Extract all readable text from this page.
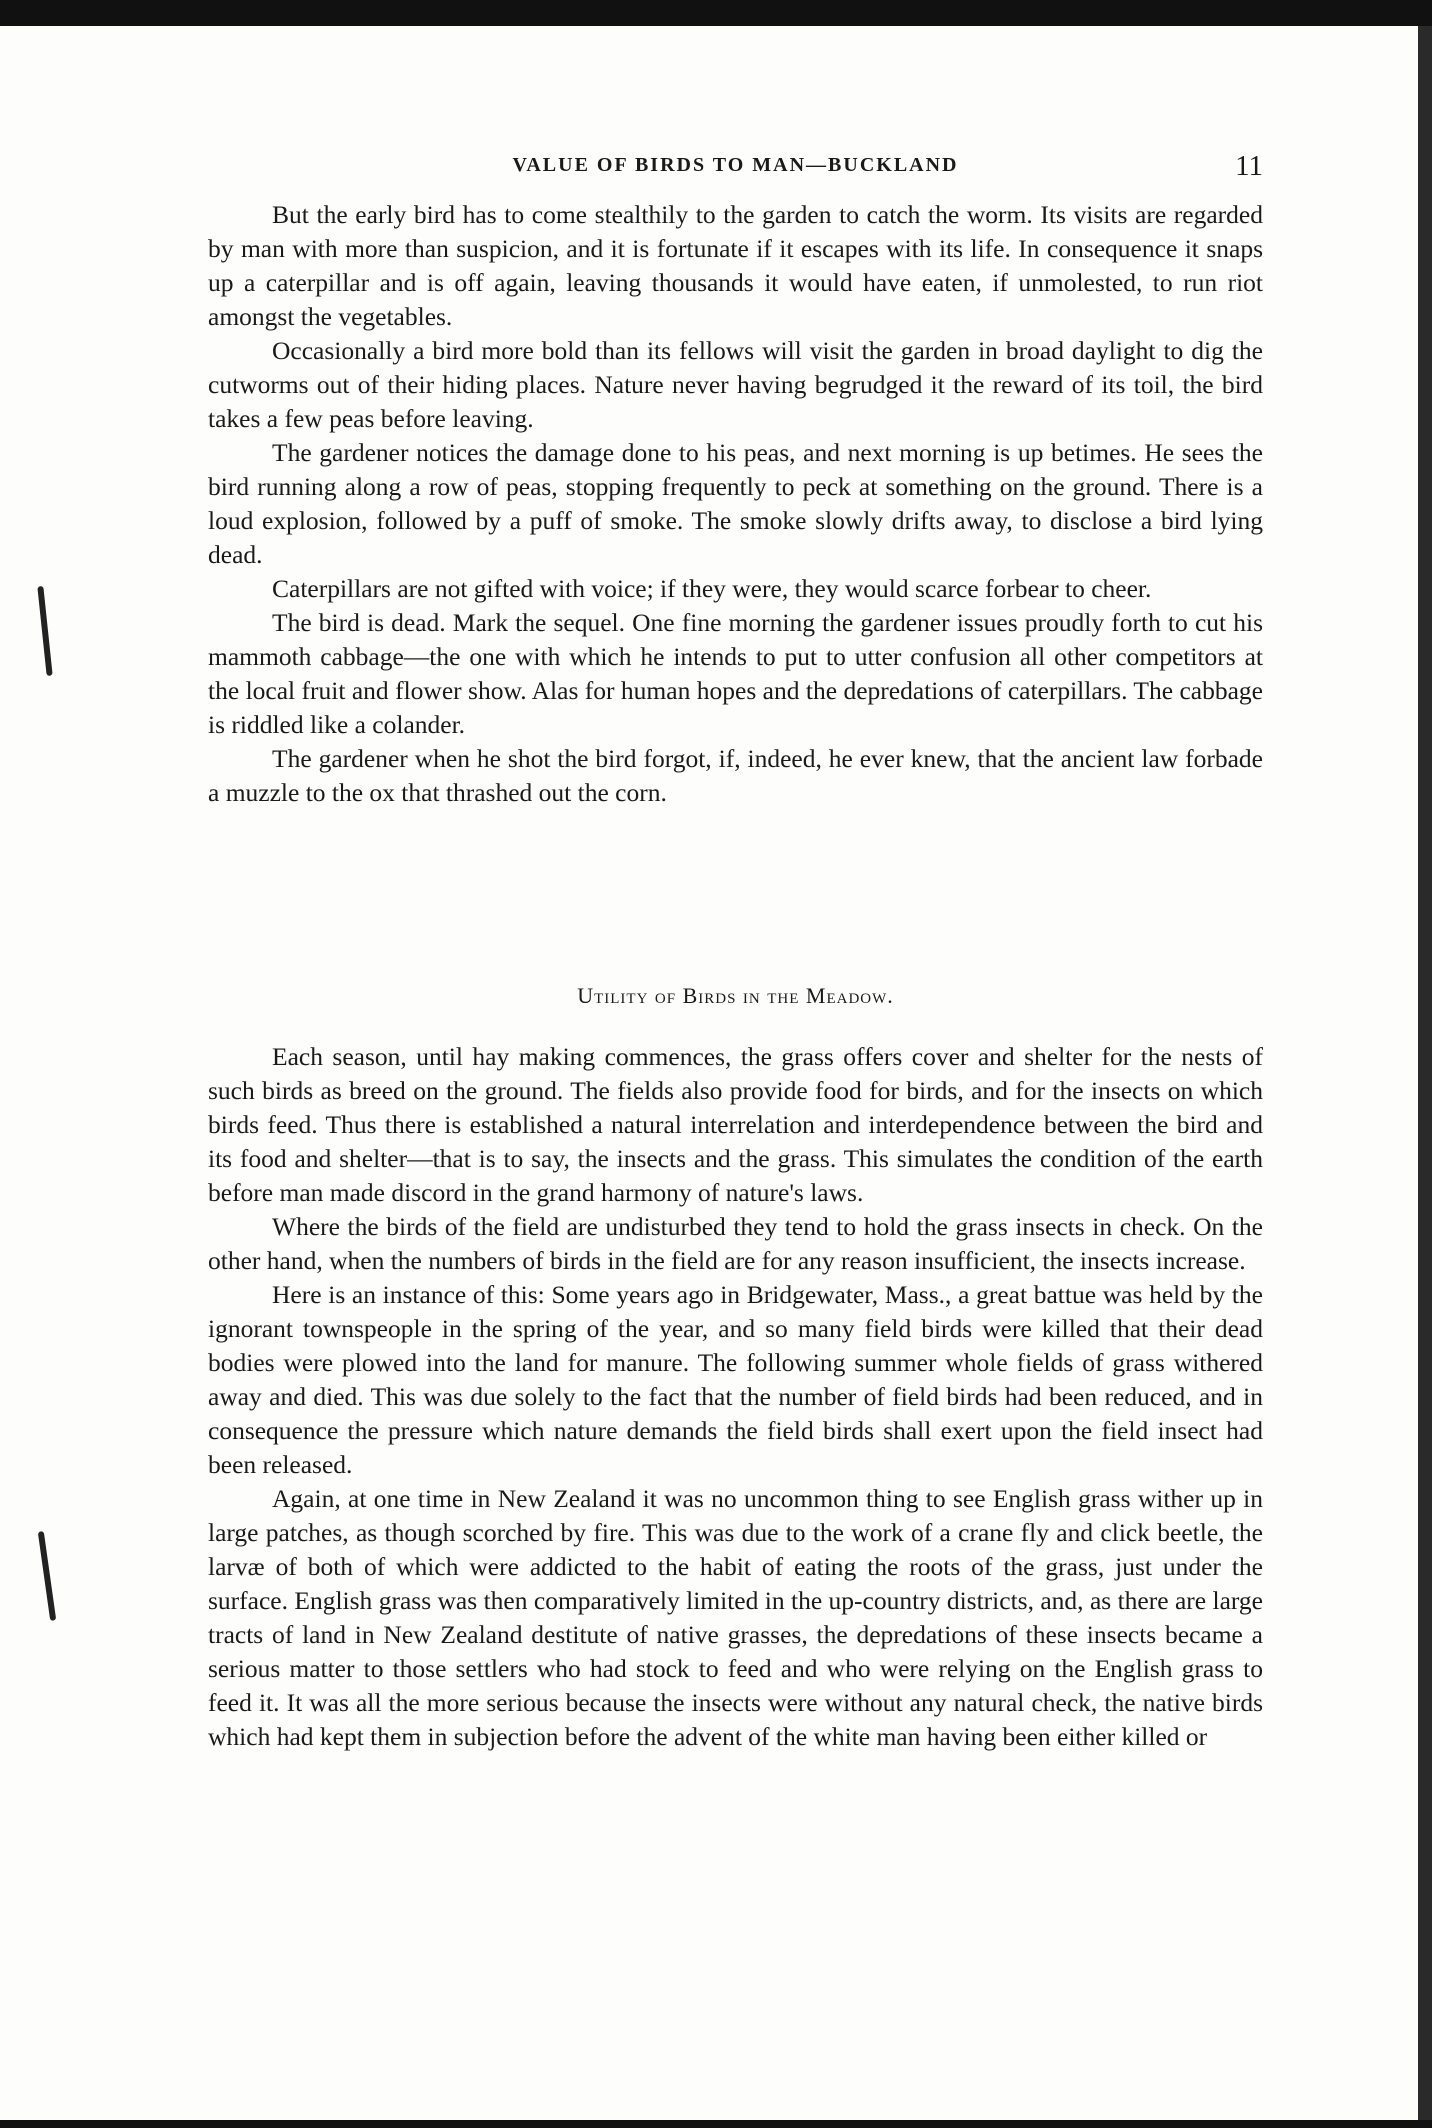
VALUE OF BIRDS TO MAN—BUCKLAND	11

But the early bird has to come stealthily to the garden to catch the worm. Its visits are regarded by man with more than suspicion, and it is fortunate if it escapes with its life. In consequence it snaps up a caterpillar and is off again, leaving thousands it would have eaten, if unmolested, to run riot amongst the vegetables.

Occasionally a bird more bold than its fellows will visit the garden in broad daylight to dig the cutworms out of their hiding places. Nature never having begrudged it the reward of its toil, the bird takes a few peas before leaving.

The gardener notices the damage done to his peas, and next morning is up betimes. He sees the bird running along a row of peas, stopping frequently to peck at something on the ground. There is a loud explosion, followed by a puff of smoke. The smoke slowly drifts away, to disclose a bird lying dead.

Caterpillars are not gifted with voice; if they were, they would scarce forbear to cheer.

The bird is dead. Mark the sequel. One fine morning the gardener issues proudly forth to cut his mammoth cabbage—the one with which he intends to put to utter confusion all other competitors at the local fruit and flower show. Alas for human hopes and the depredations of caterpillars. The cabbage is riddled like a colander.

The gardener when he shot the bird forgot, if, indeed, he ever knew, that the ancient law forbade a muzzle to the ox that thrashed out the corn.

Utility of Birds in the Meadow.

Each season, until hay making commences, the grass offers cover and shelter for the nests of such birds as breed on the ground. The fields also provide food for birds, and for the insects on which birds feed. Thus there is established a natural interrelation and interdependence between the bird and its food and shelter—that is to say, the insects and the grass. This simulates the condition of the earth before man made discord in the grand harmony of nature's laws.

Where the birds of the field are undisturbed they tend to hold the grass insects in check. On the other hand, when the numbers of birds in the field are for any reason insufficient, the insects increase.

Here is an instance of this: Some years ago in Bridgewater, Mass., a great battue was held by the ignorant townspeople in the spring of the year, and so many field birds were killed that their dead bodies were plowed into the land for manure. The following summer whole fields of grass withered away and died. This was due solely to the fact that the number of field birds had been reduced, and in consequence the pressure which nature demands the field birds shall exert upon the field insect had been released.

Again, at one time in New Zealand it was no uncommon thing to see English grass wither up in large patches, as though scorched by fire. This was due to the work of a crane fly and click beetle, the larvæ of both of which were addicted to the habit of eating the roots of the grass, just under the surface. English grass was then comparatively limited in the up-country districts, and, as there are large tracts of land in New Zealand destitute of native grasses, the depredations of these insects became a serious matter to those settlers who had stock to feed and who were relying on the English grass to feed it. It was all the more serious because the insects were without any natural check, the native birds which had kept them in subjection before the advent of the white man having been either killed or
